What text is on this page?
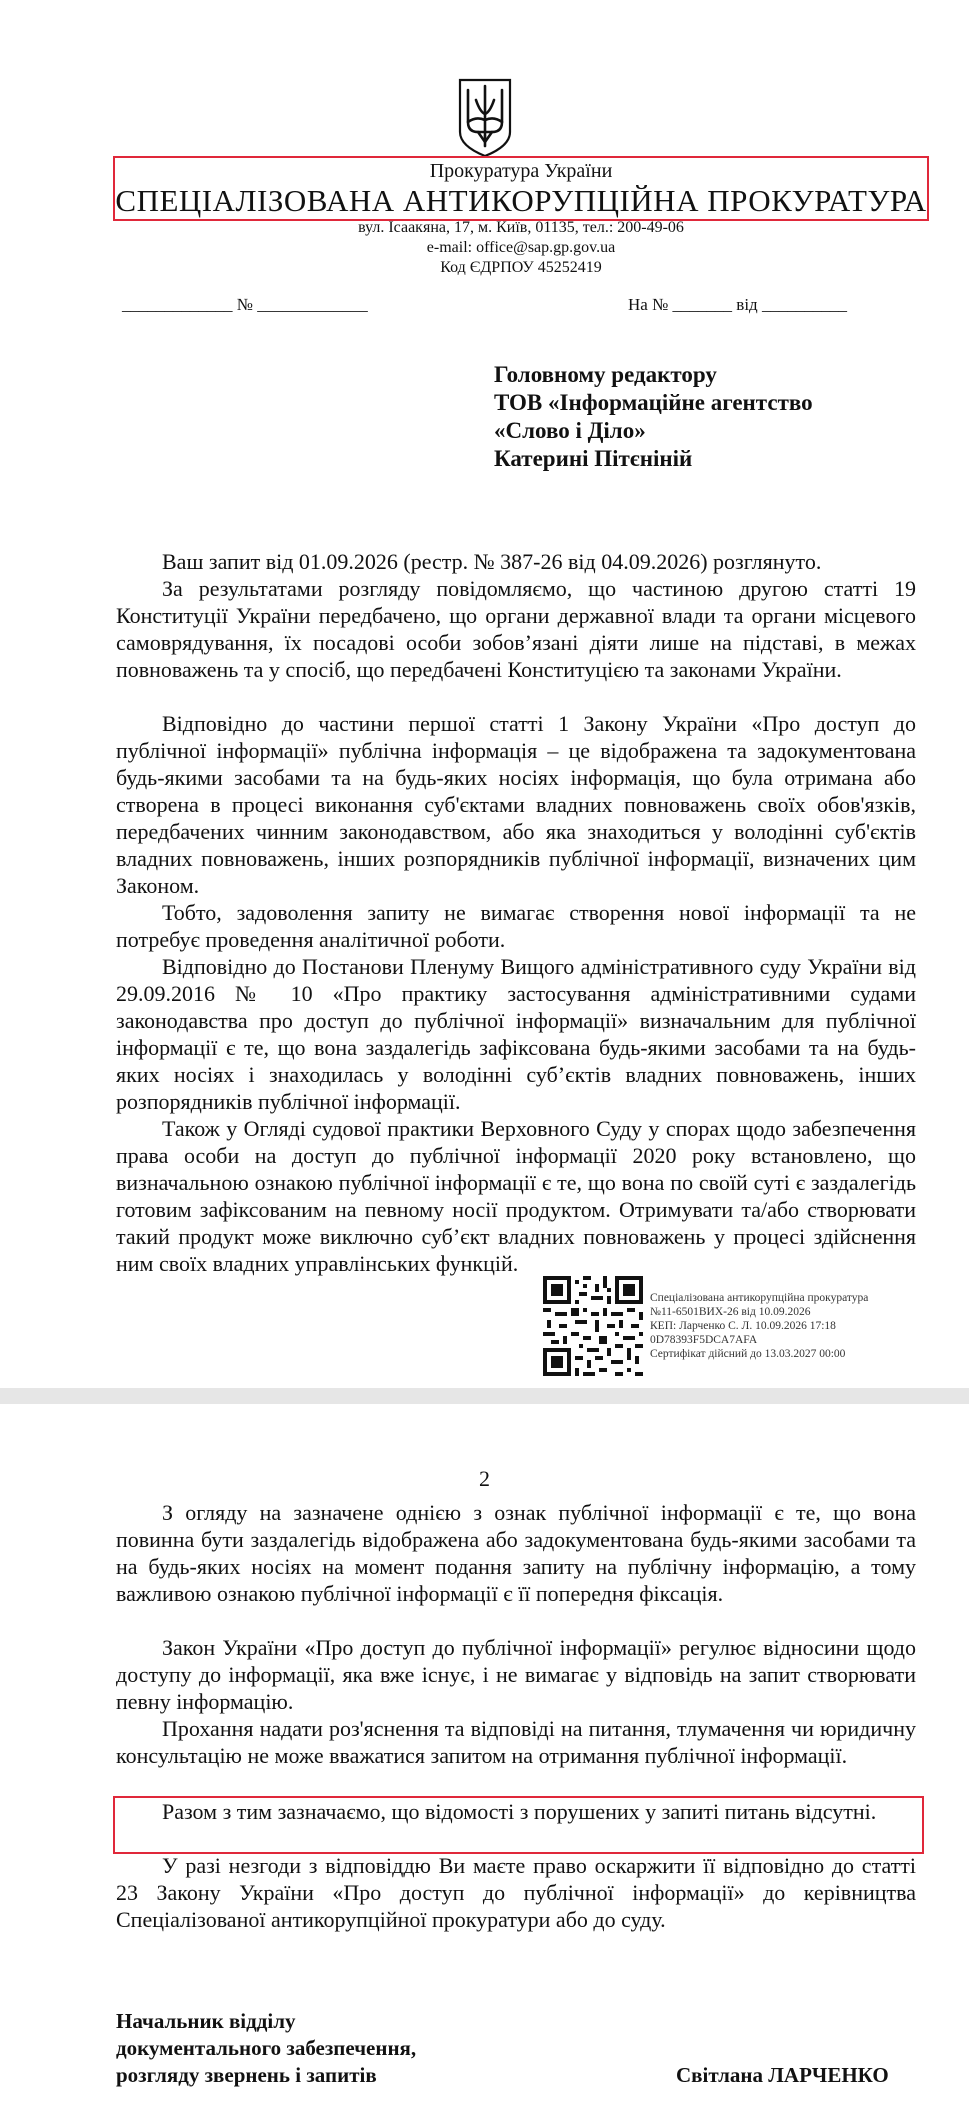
Прокуратура України
СПЕЦІАЛІЗОВАНА АНТИКОРУПЦІЙНА ПРОКУРАТУРА
вул. Ісаакяна, 17, м. Київ, 01135, тел.: 200-49-06
e-mail: office@sap.gp.gov.ua
Код ЄДРПОУ 45252419
_____________ № _____________	На № _______ від __________
Головному редактору
ТОВ «Інформаційне агентство
«Слово і Діло»
Катерині Пітєніній

Ваш запит від 01.09.2026 (рестр. № 387-26 від 04.09.2026) розглянуто.

За результатами розгляду повідомляємо, що частиною другою статті 19 Конституції України передбачено, що органи державної влади та органи місцевого самоврядування, їх посадові особи зобов’язані діяти лише на підставі, в межах повноважень та у спосіб, що передбачені Конституцією та законами України.

Відповідно до частини першої статті 1 Закону України «Про доступ до публічної інформації» публічна інформація – це відображена та задокументована будь-якими засобами та на будь-яких носіях інформація, що була отримана або створена в процесі виконання суб'єктами владних повноважень своїх обов'язків, передбачених чинним законодавством, або яка знаходиться у володінні суб'єктів владних повноважень, інших розпорядників публічної інформації, визначених цим Законом.

Тобто, задоволення запиту не вимагає створення нової інформації та не потребує проведення аналітичної роботи.

Відповідно до Постанови Пленуму Вищого адміністративного суду України від 29.09.2016 № 10 «Про практику застосування адміністративними судами законодавства про доступ до публічної інформації» визначальним для публічної інформації є те, що вона заздалегідь зафіксована будь-якими засобами та на будь-яких носіях і знаходилась у володінні суб’єктів владних повноважень, інших розпорядників публічної інформації.

Також у Огляді судової практики Верховного Суду у спорах щодо забезпечення права особи на доступ до публічної інформації 2020 року встановлено, що визначальною ознакою публічної інформації є те, що вона по своїй суті є заздалегідь готовим зафіксованим на певному носії продуктом. Отримувати та/або створювати такий продукт може виключно суб’єкт владних повноважень у процесі здійснення ним своїх владних управлінських функцій.

Спеціалізована антикорупційна прокуратура
№11-6501ВИХ-26 від 10.09.2026
КЕП: Ларченко С. Л. 10.09.2026 17:18
0D78393F5DCA7AFA
Сертифікат дійсний до 13.03.2027 00:00
2

З огляду на зазначене однією з ознак публічної інформації є те, що вона повинна бути заздалегідь відображена або задокументована будь-якими засобами та на будь-яких носіях на момент подання запиту на публічну інформацію, а тому важливою ознакою публічної інформації є її попередня фіксація.

Закон України «Про доступ до публічної інформації» регулює відносини щодо доступу до інформації, яка вже існує, і не вимагає у відповідь на запит створювати певну інформацію.

Прохання надати роз'яснення та відповіді на питання, тлумачення чи юридичну консультацію не може вважатися запитом на отримання публічної інформації.

Разом з тим зазначаємо, що відомості з порушених у запиті питань відсутні.

У разі незгоди з відповіддю Ви маєте право оскаржити її відповідно до статті 23 Закону України «Про доступ до публічної інформації» до керівництва Спеціалізованої антикорупційної прокуратури або до суду.

Начальник відділу
документального забезпечення,
розгляду звернень і запитів	Світлана ЛАРЧЕНКО
